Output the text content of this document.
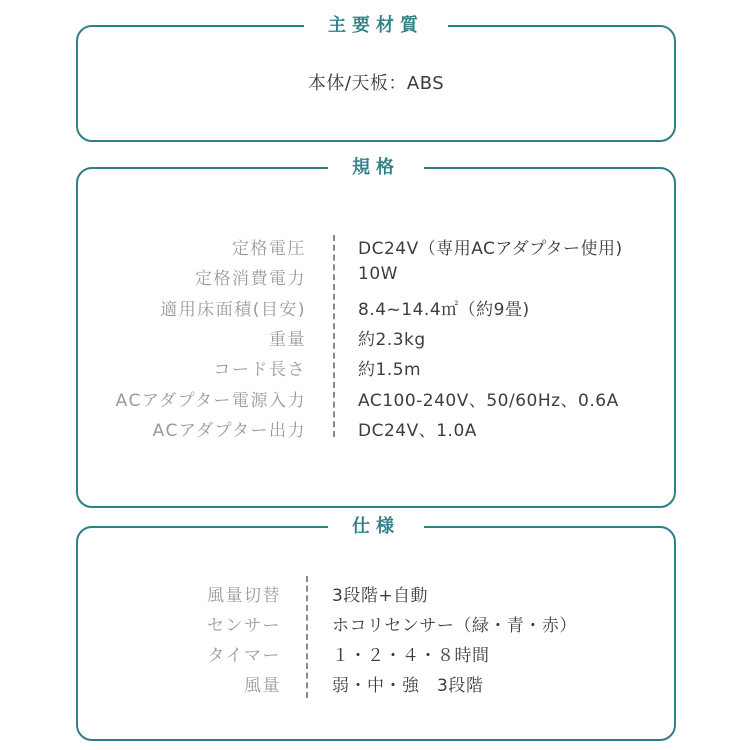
主要材質
本体/天板：ABS
規格
定格電圧	DC24V（専用ACアダプター使用)
定格消費電力	10W
適用床面積(目安)	8.4~14.4㎡（約9畳)
重量	約2.3kg
コード長さ	約1.5m
ACアダプター電源入力	AC100-240V、50/60Hz、0.6A
ACアダプター出力	DC24V、1.0A
仕様
風量切替	3段階+自動
センサー	ホコリセンサー（緑・青・赤）
タイマー	１・２・４・８時間
風量	弱・中・強　3段階
